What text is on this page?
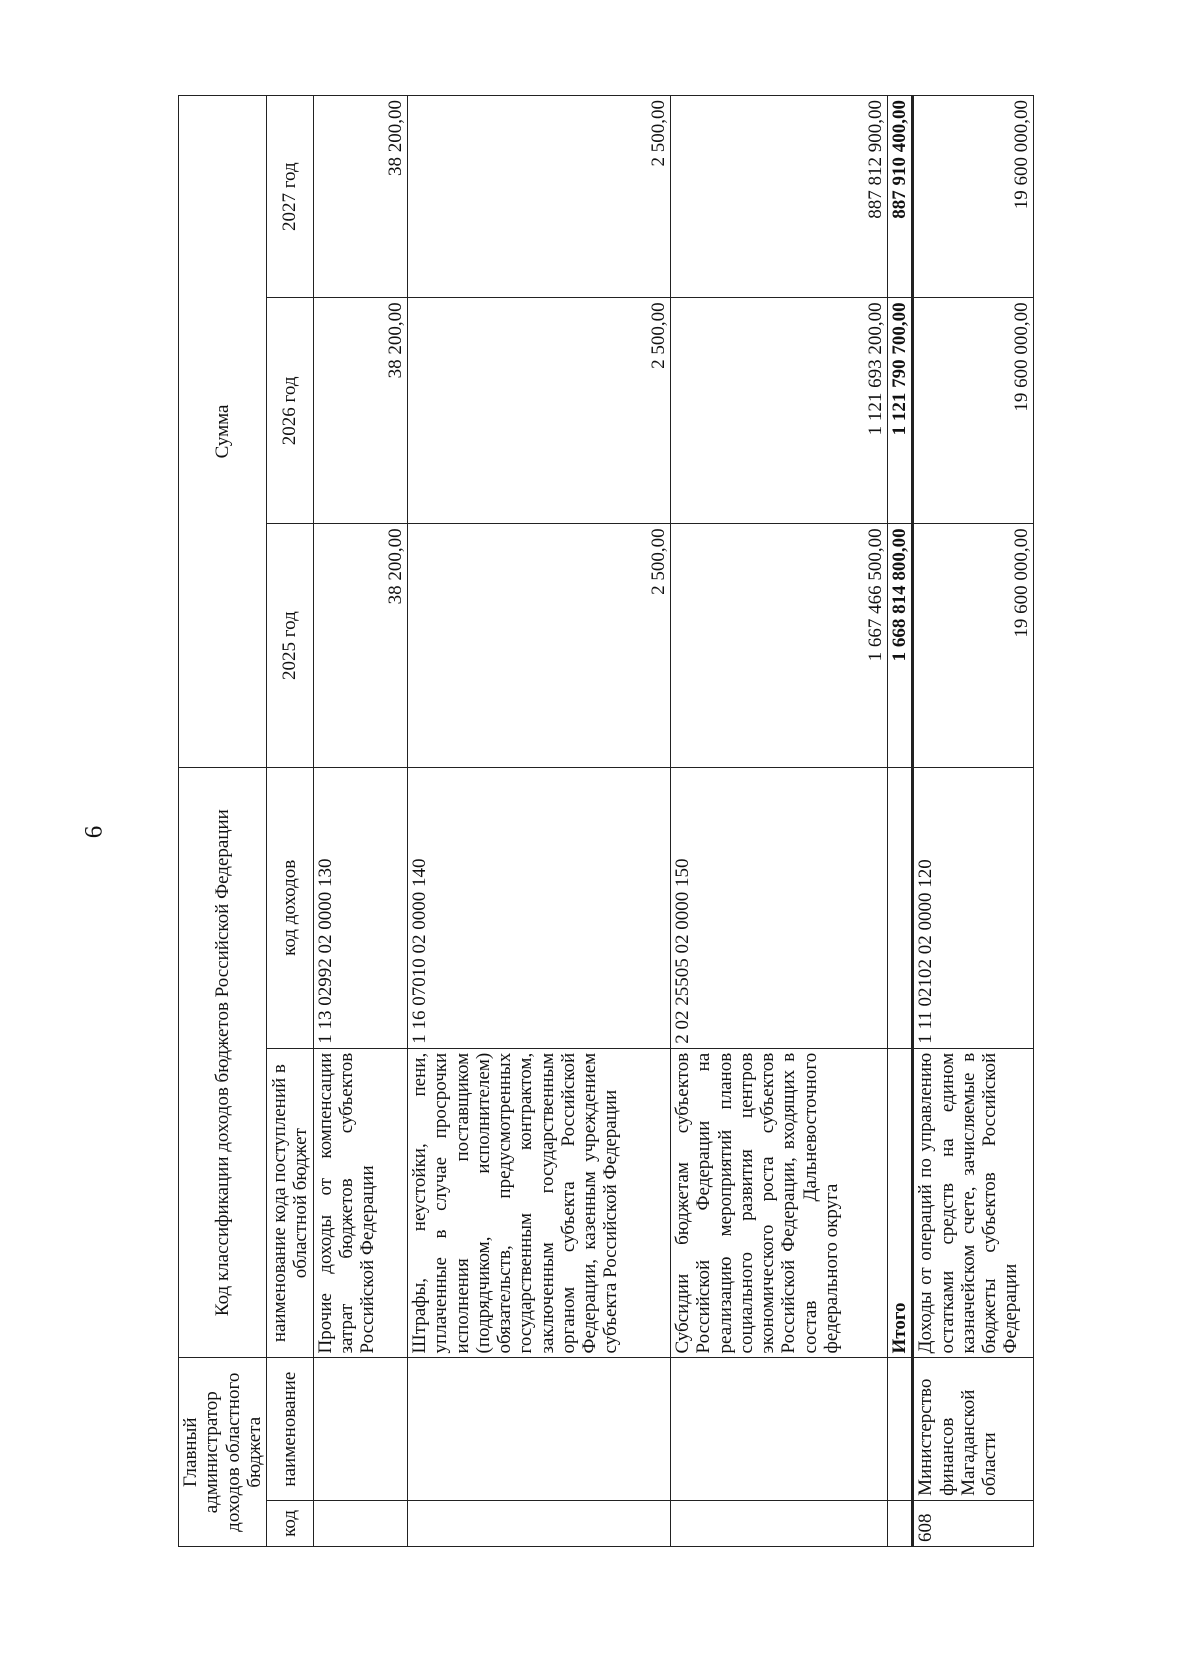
6
Главный администратор доходов областного бюджета		Код классификации доходов бюджетов Российской Федерации		Сумма		
код	наименование	наименование кода поступлений в областной бюджет	код доходов	2025 год	2026 год	2027 год
		Прочие доходы от компенсации затрат бюджетов субъектов Российской Федерации	1 13 02992 02 0000 130	38 200,00	38 200,00	38 200,00
		Штрафы, неустойки, пени, уплаченные в случае просрочки исполнения поставщиком (подрядчиком, исполнителем) обязательств, предусмотренных государственным контрактом, заключенным государственным органом субъекта Российской Федерации, казенным учреждением субъекта Российской Федерации	1 16 07010 02 0000 140	2 500,00	2 500,00	2 500,00
		Субсидии бюджетам субъектов Российской Федерации на реализацию мероприятий планов социального развития центров экономического роста субъектов Российской Федерации, входящих в состав Дальневосточного федерального округа	2 02 25505 02 0000 150	1 667 466 500,00	1 121 693 200,00	887 812 900,00
		Итого		1 668 814 800,00	1 121 790 700,00	887 910 400,00
608	Министерство финансов Магаданской области	Доходы от операций по управлению остатками средств на едином казначейском счете, зачисляемые в бюджеты субъектов Российской Федерации	1 11 02102 02 0000 120	19 600 000,00	19 600 000,00	19 600 000,00
